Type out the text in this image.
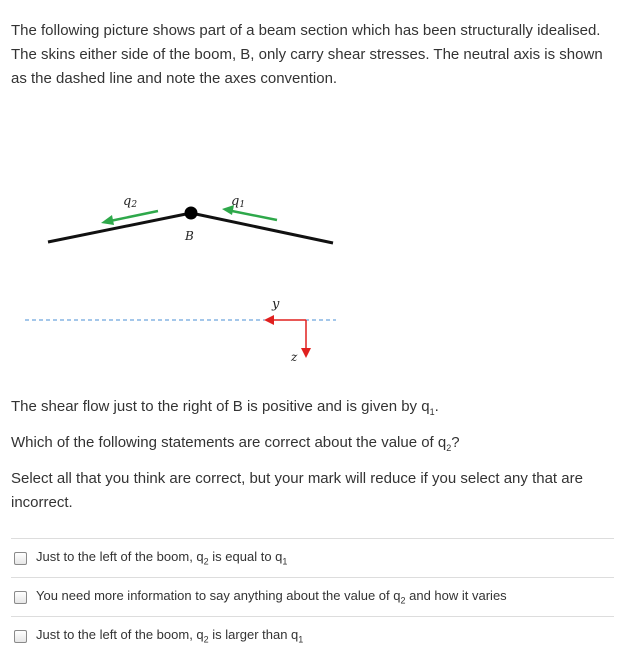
The following picture shows part of a beam section which has been structurally idealised. The skins either side of the boom, B, only carry shear stresses. The neutral axis is shown as the dashed line and note the axes convention.

q2	q1
B
y
z

The shear flow just to the right of B is positive and is given by $q_1$.

Which of the following statements are correct about the value of $q_2$?

Select all that you think are correct, but your mark will reduce if you select any that are incorrect.

Just to the left of the boom, $q_2$ is equal to $q_1$
You need more information to say anything about the value of $q_2$ and how it varies
Just to the left of the boom, $q_2$ is larger than $q_1$
